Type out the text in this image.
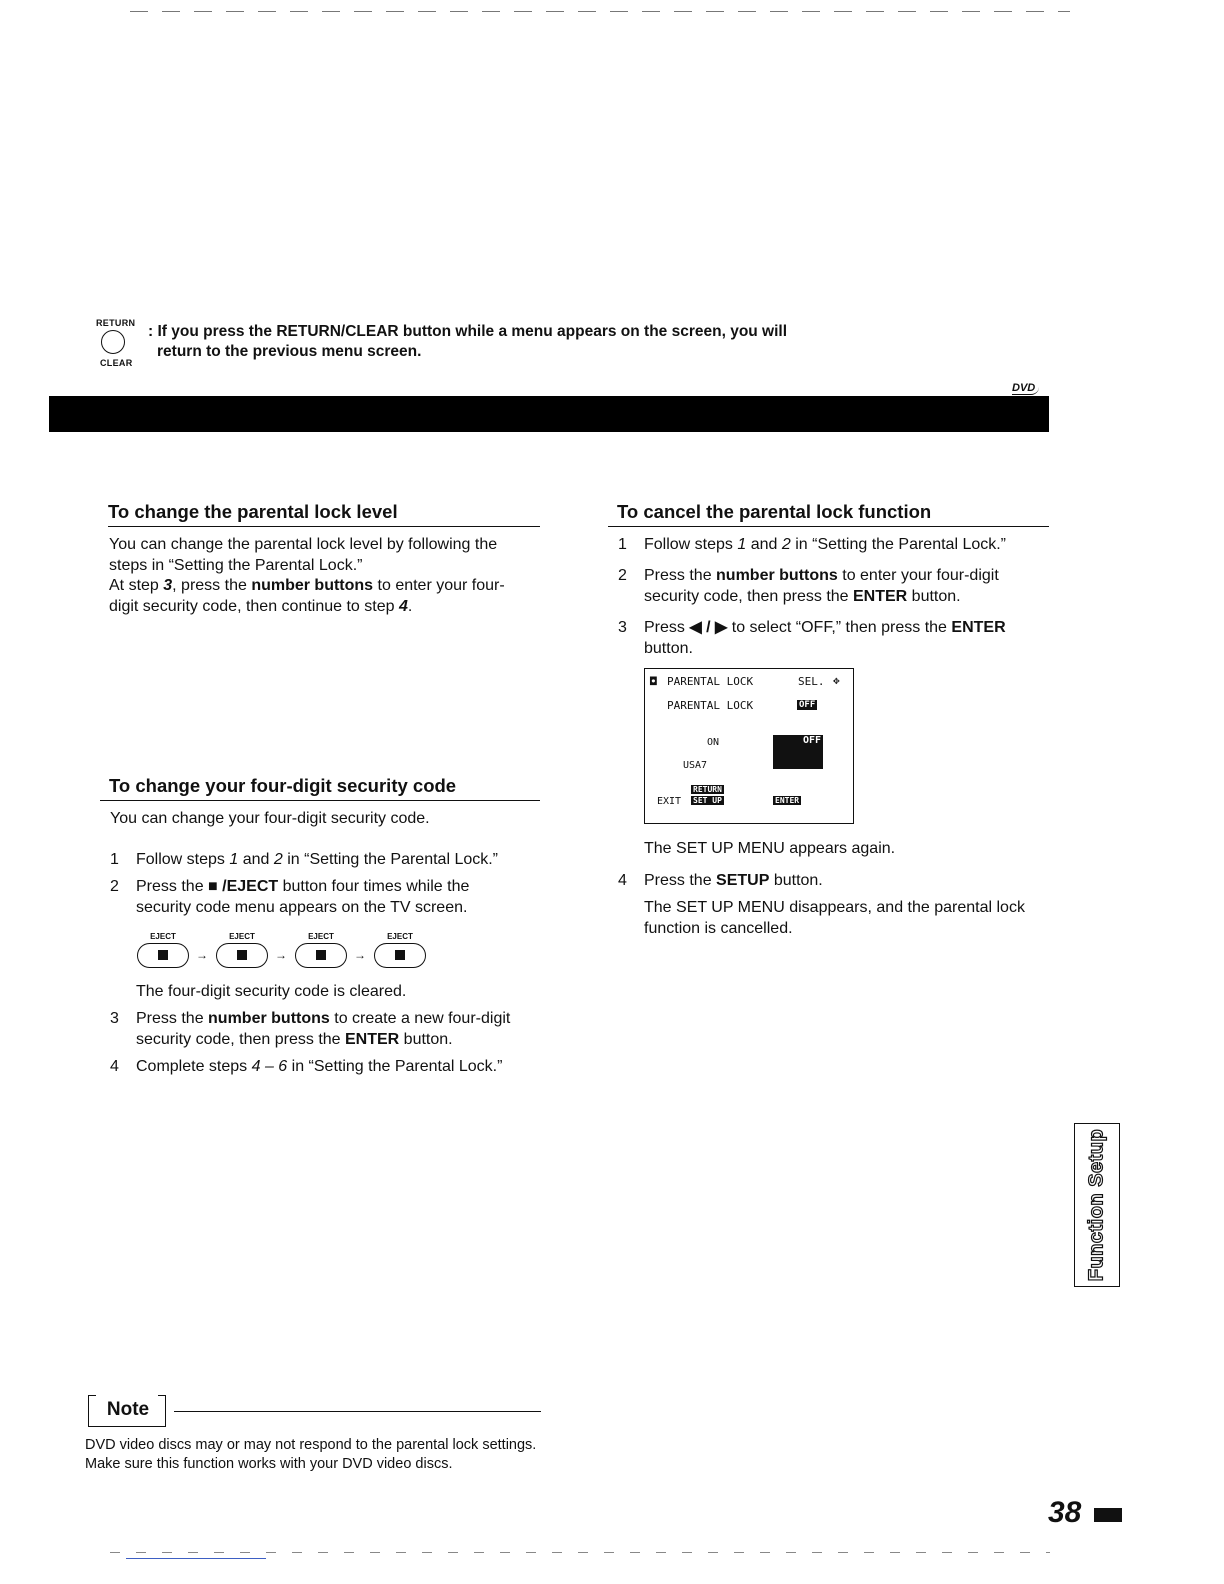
RETURN
CLEAR
: If you press the RETURN/CLEAR button while a menu appears on the screen, you will
return to the previous menu screen.
DVD
To change the parental lock level

You can change the parental lock level by following the

steps in “Setting the Parental Lock.”

At step 3, press the number buttons to enter your four-

digit security code, then continue to step 4.

To change your four-digit security code

You can change your four-digit security code.

1 Follow steps 1 and 2 in “Setting the Parental Lock.”
2 Press the ■ /EJECT button four times while the
security code menu appears on the TV screen.
EJECT
→
EJECT
→
EJECT
→
EJECT

The four-digit security code is cleared.

3 Press the number buttons to create a new four-digit
security code, then press the ENTER button.
4 Complete steps 4 – 6 in “Setting the Parental Lock.”
To cancel the parental lock function
1 Follow steps 1 and 2 in “Setting the Parental Lock.”
2 Press the number buttons to enter your four-digit
security code, then press the ENTER button.
3 Press ◀ / ▶ to select “OFF,” then press the ENTER
button.
◘ PARENTAL LOCK	SEL. ✥
PARENTAL LOCK	OFF
ON	OFF
USA7
RETURN
EXIT SET UP	ENTER

The SET UP MENU appears again.

4 Press the SETUP button.

The SET UP MENU disappears, and the parental lock

function is cancelled.

Note
DVD video discs may or may not respond to the parental lock settings.
Make sure this function works with your DVD video discs.
Function Setup
38
